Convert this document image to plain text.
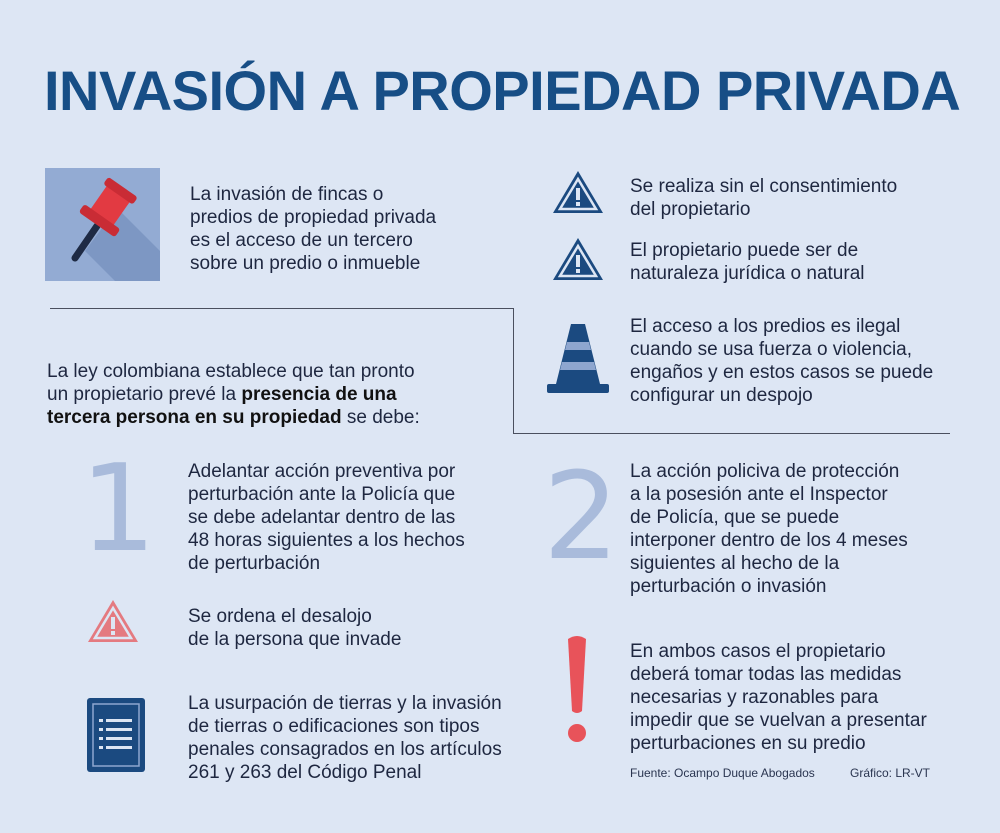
INVASIÓN A PROPIEDAD PRIVADA
La invasión de fincas o
predios de propiedad privada
es el acceso de un tercero
sobre un predio o inmueble
Se realiza sin el consentimiento
del propietario
El propietario puede ser de
naturaleza jurídica o natural
El acceso a los predios es ilegal
cuando se usa fuerza o violencia,
engaños y en estos casos se puede
configurar un despojo
La ley colombiana establece que tan pronto
un propietario prevé la presencia de una
tercera persona en su propiedad se debe:
1 Adelantar acción preventiva por
perturbación ante la Policía que
se debe adelantar dentro de las
48 horas siguientes a los hechos
de perturbación	2 La acción policiva de protección
a la posesión ante el Inspector
de Policía, que se puede
interponer dentro de los 4 meses
siguientes al hecho de la
perturbación o invasión
Se ordena el desalojo
de la persona que invade
La usurpación de tierras y la invasión
de tierras o edificaciones son tipos
penales consagrados en los artículos
261 y 263 del Código Penal
En ambos casos el propietario
deberá tomar todas las medidas
necesarias y razonables para
impedir que se vuelvan a presentar
perturbaciones en su predio
Fuente: Ocampo Duque Abogados	Gráfico: LR-VT
